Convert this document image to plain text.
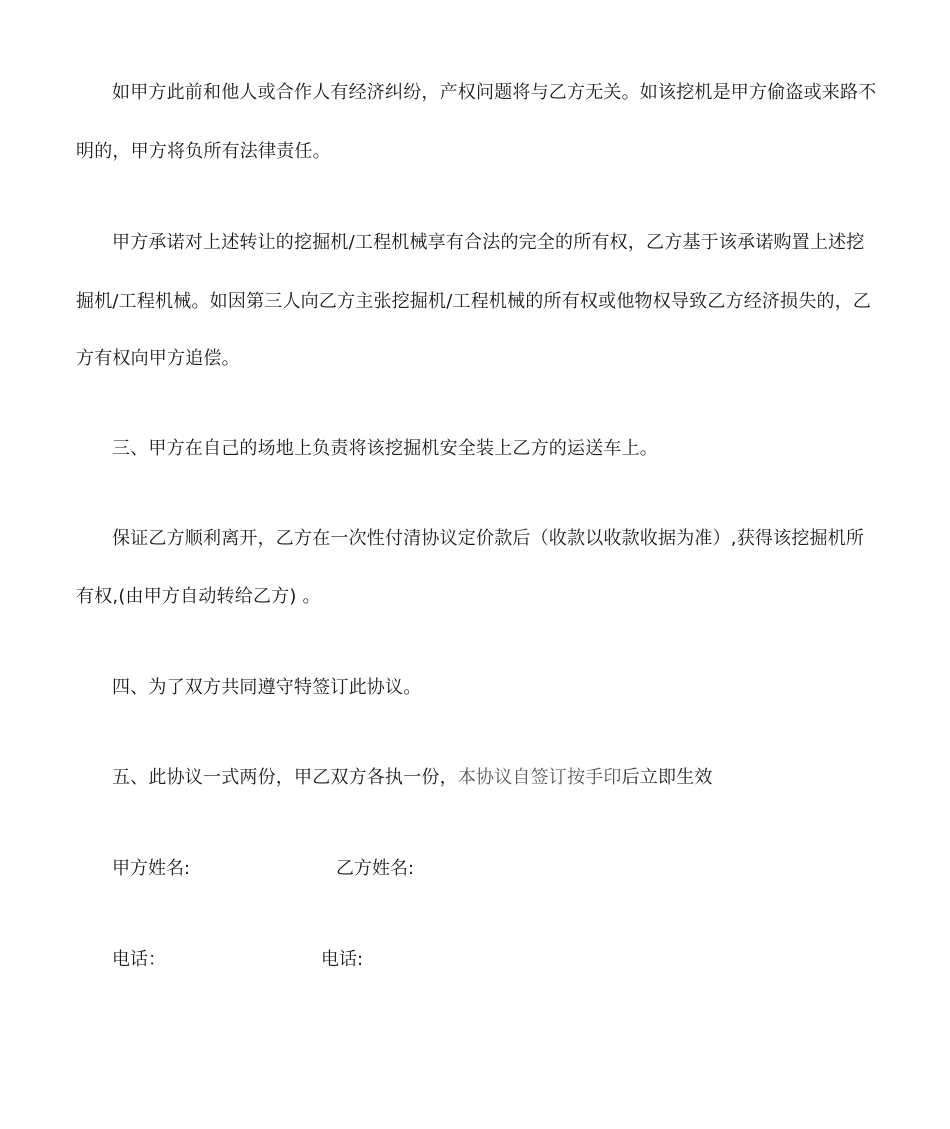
如甲方此前和他人或合作人有经济纠纷，产权问题将与乙方无关。如该挖机是甲方偷盗或来路不
明的，甲方将负所有法律责任。
甲方承诺对上述转让的挖掘机/工程机械享有合法的完全的所有权，乙方基于该承诺购置上述挖
掘机/工程机械。如因第三人向乙方主张挖掘机/工程机械的所有权或他物权导致乙方经济损失的，乙
方有权向甲方追偿。
三、甲方在自己的场地上负责将该挖掘机安全装上乙方的运送车上。
保证乙方顺利离开，乙方在一次性付清协议定价款后（收款以收款收据为准）,获得该挖掘机所
有权,(由甲方自动转给乙方) 。
四、为了双方共同遵守特签订此协议。
五、此协议一式两份，甲乙双方各执一份，本协议自签订按手印后立即生效
甲方姓名:	乙方姓名:
电话：	电话:
